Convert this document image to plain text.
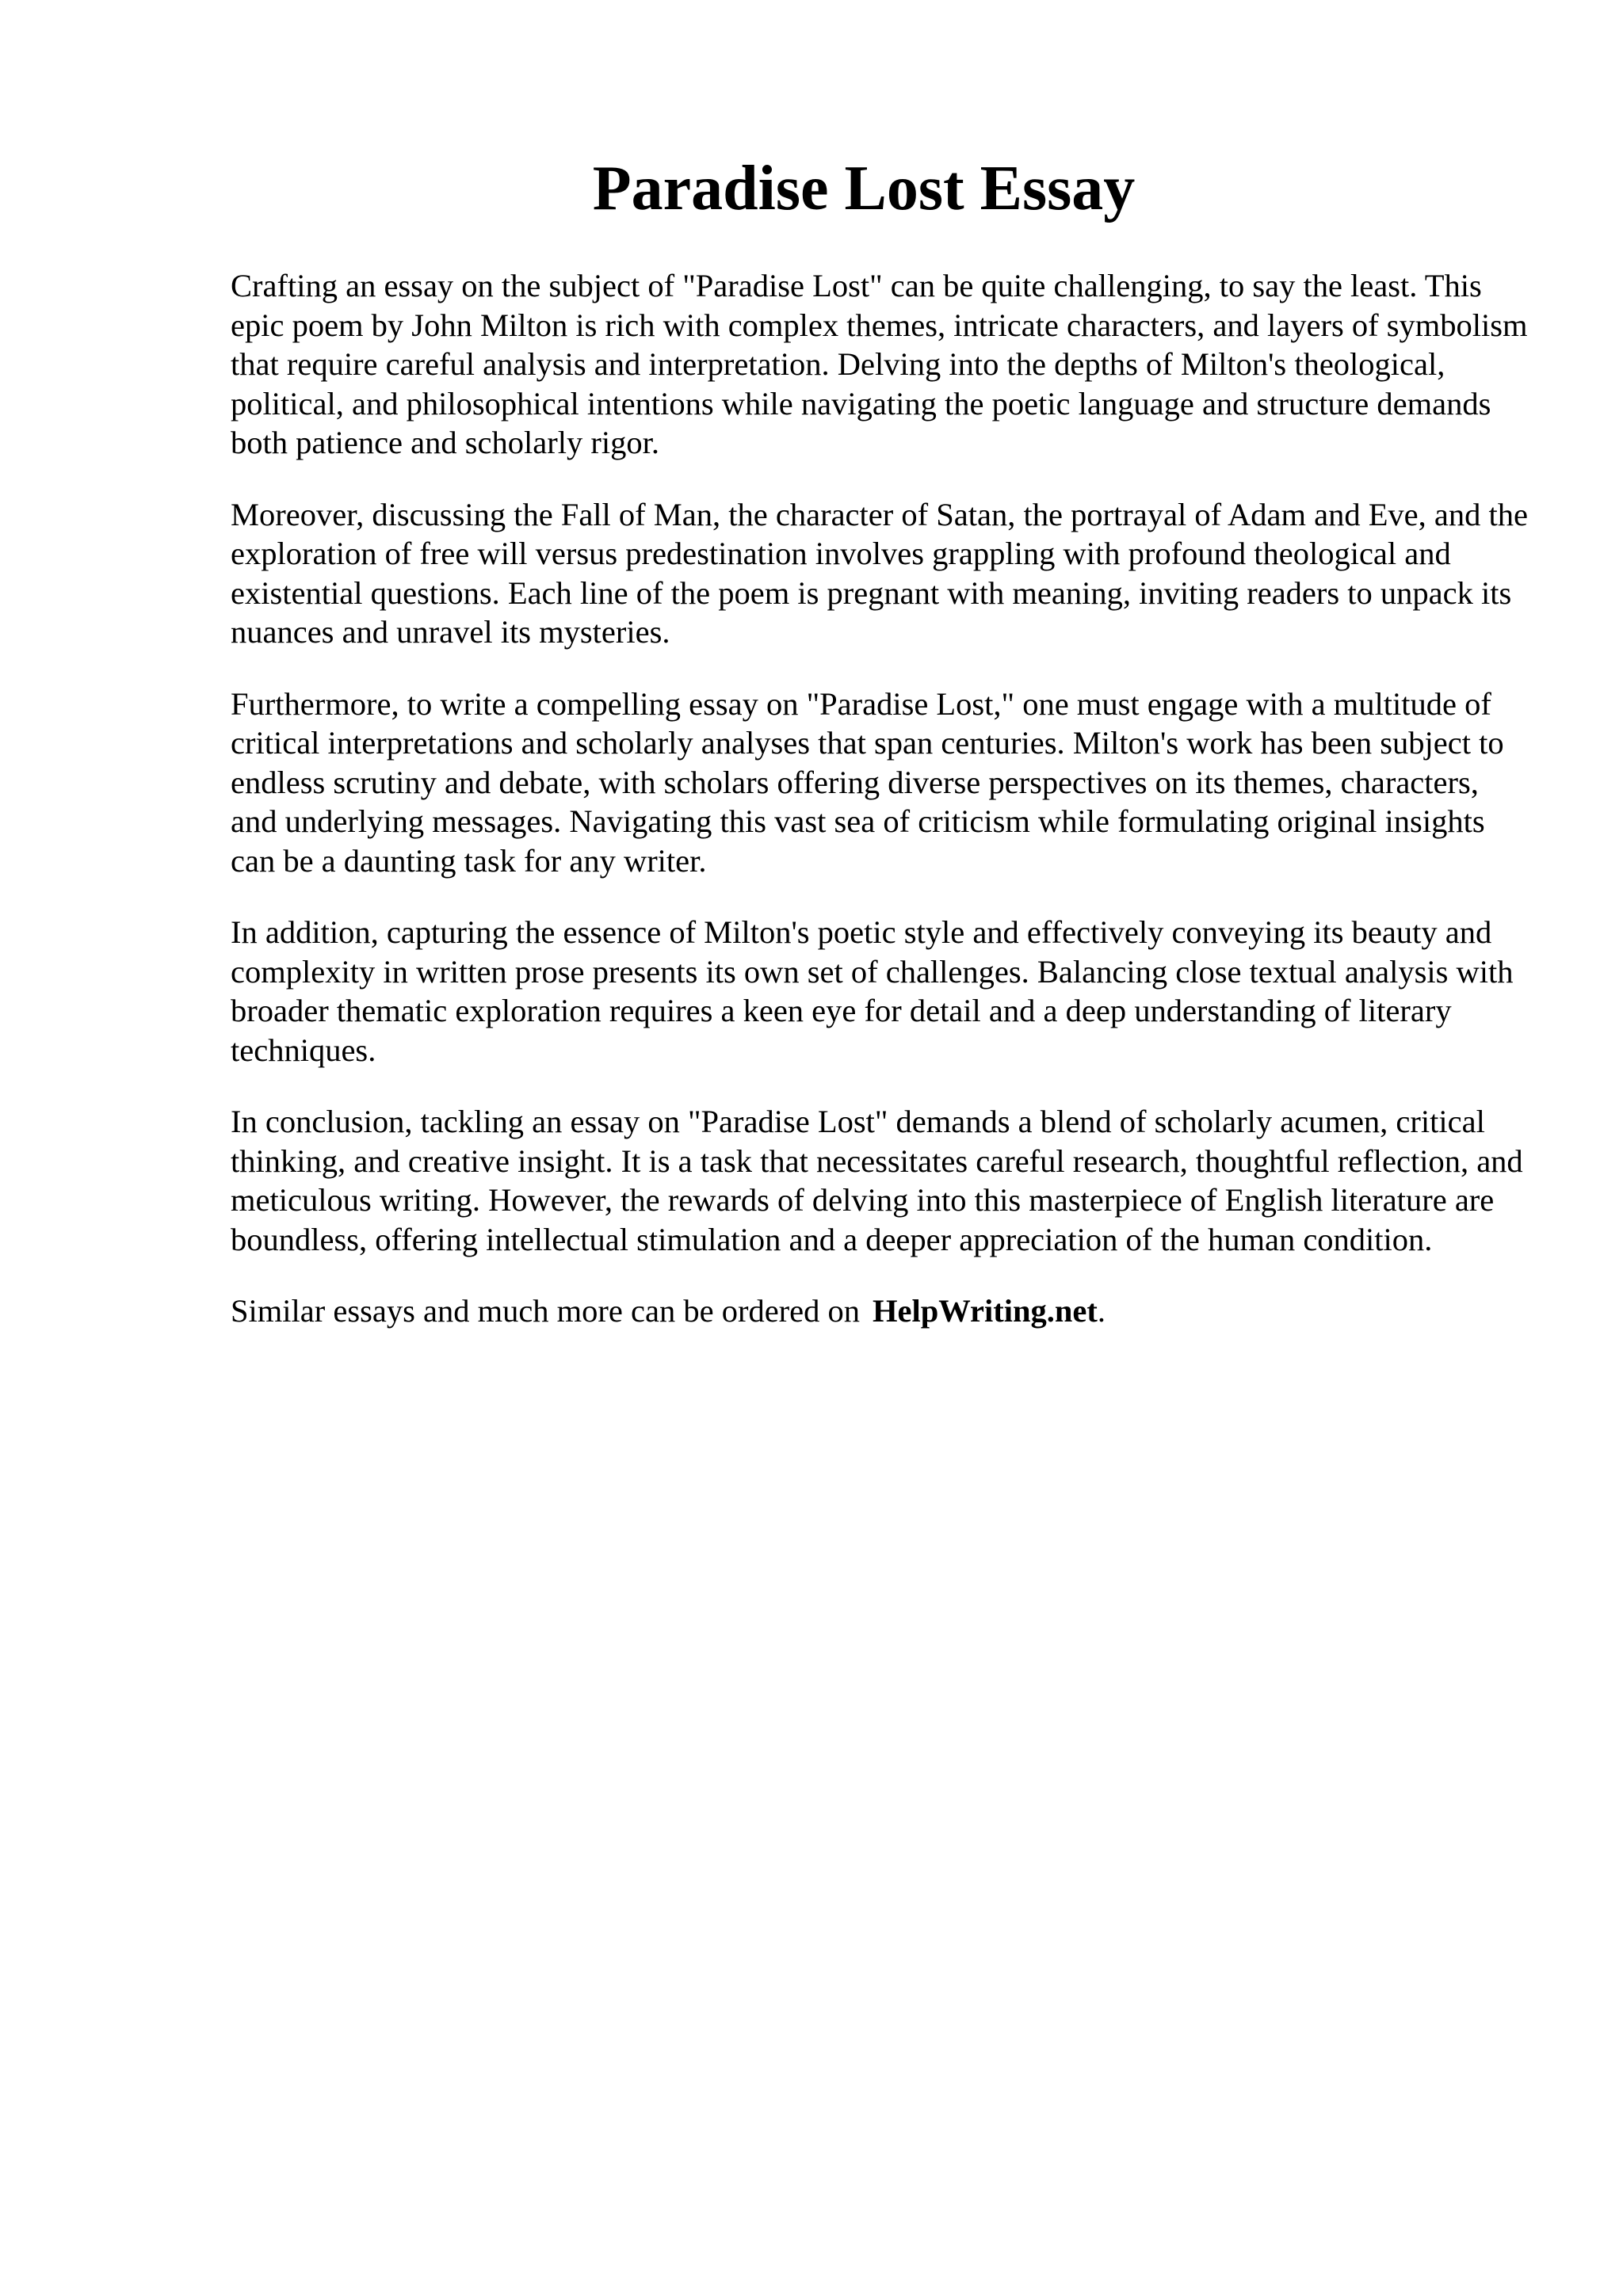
Paradise Lost Essay

Crafting an essay on the subject of "Paradise Lost" can be quite challenging, to say the least. This epic poem by John Milton is rich with complex themes, intricate characters, and layers of symbolism that require careful analysis and interpretation. Delving into the depths of Milton's theological, political, and philosophical intentions while navigating the poetic language and structure demands both patience and scholarly rigor.

Moreover, discussing the Fall of Man, the character of Satan, the portrayal of Adam and Eve, and the exploration of free will versus predestination involves grappling with profound theological and existential questions. Each line of the poem is pregnant with meaning, inviting readers to unpack its nuances and unravel its mysteries.

Furthermore, to write a compelling essay on "Paradise Lost," one must engage with a multitude of critical interpretations and scholarly analyses that span centuries. Milton's work has been subject to endless scrutiny and debate, with scholars offering diverse perspectives on its themes, characters, and underlying messages. Navigating this vast sea of criticism while formulating original insights can be a daunting task for any writer.

In addition, capturing the essence of Milton's poetic style and effectively conveying its beauty and complexity in written prose presents its own set of challenges. Balancing close textual analysis with broader thematic exploration requires a keen eye for detail and a deep understanding of literary techniques.

In conclusion, tackling an essay on "Paradise Lost" demands a blend of scholarly acumen, critical thinking, and creative insight. It is a task that necessitates careful research, thoughtful reflection, and meticulous writing. However, the rewards of delving into this masterpiece of English literature are boundless, offering intellectual stimulation and a deeper appreciation of the human condition.

Similar essays and much more can be ordered on HelpWriting.net.
